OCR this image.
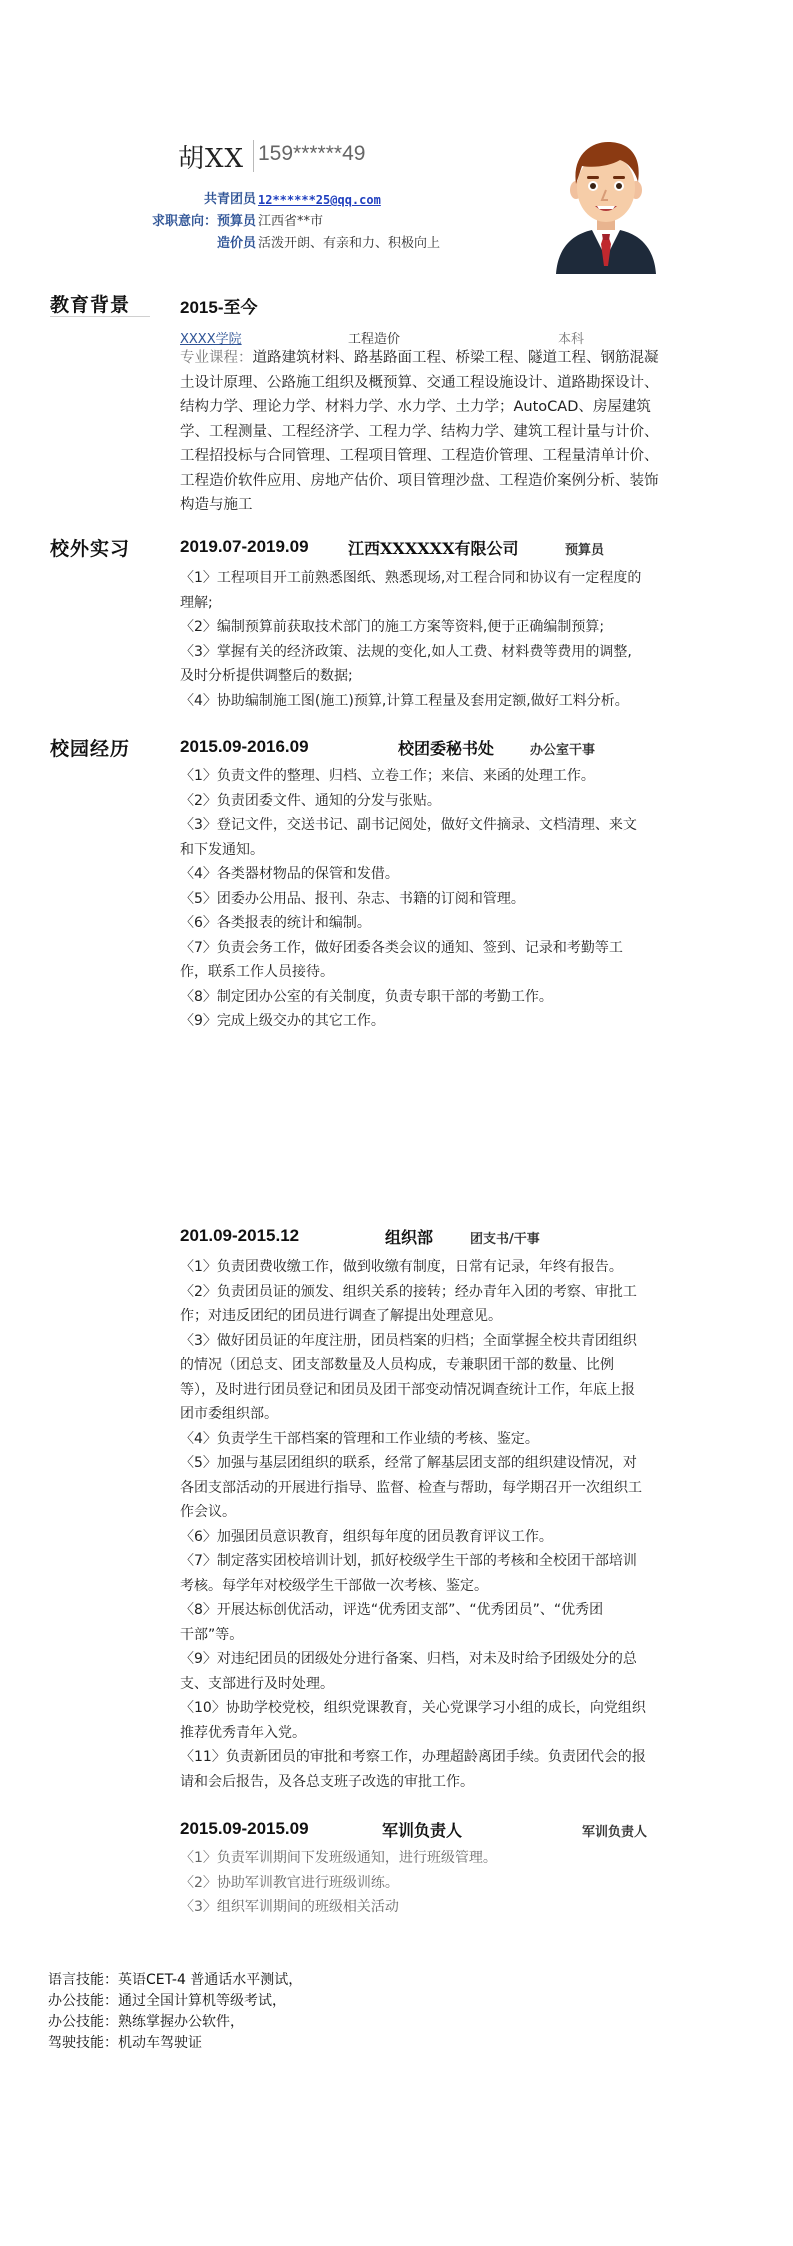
胡XX 159******49
共青团员 12******25@qq.com
求职意向：预算员 江西省**市
造价员 活泼开朗、有亲和力、积极向上
教育背景	2015-至今
XXXX学院	工程造价	本科
专业课程：道路建筑材料、路基路面工程、桥梁工程、隧道工程、钢筋混凝
土设计原理、公路施工组织及概预算、交通工程设施设计、道路勘探设计、
结构力学、理论力学、材料力学、水力学、土力学；AutoCAD、房屋建筑
学、工程测量、工程经济学、工程力学、结构力学、建筑工程计量与计价、
工程招投标与合同管理、工程项目管理、工程造价管理、工程量清单计价、
工程造价软件应用、房地产估价、项目管理沙盘、工程造价案例分析、装饰
构造与施工
校外实习	2019.07-2019.09 江西XXXXXX有限公司	预算员

〈1〉工程项目开工前熟悉图纸、熟悉现场,对工程合同和协议有一定程度的

理解;

〈2〉编制预算前获取技术部门的施工方案等资料,便于正确编制预算;

〈3〉掌握有关的经济政策、法规的变化,如人工费、材料费等费用的调整,

及时分析提供调整后的数据;

〈4〉协助编制施工图(施工)预算,计算工程量及套用定额,做好工料分析。

校园经历	2015.09-2016.09	校团委秘书处	办公室干事

〈1〉负责文件的整理、归档、立卷工作；来信、来函的处理工作。

〈2〉负责团委文件、通知的分发与张贴。

〈3〉登记文件，交送书记、副书记阅处，做好文件摘录、文档清理、来文

和下发通知。

〈4〉各类器材物品的保管和发借。

〈5〉团委办公用品、报刊、杂志、书籍的订阅和管理。

〈6〉各类报表的统计和编制。

〈7〉负责会务工作，做好团委各类会议的通知、签到、记录和考勤等工

作，联系工作人员接待。

〈8〉制定团办公室的有关制度，负责专职干部的考勤工作。

〈9〉完成上级交办的其它工作。

201.09-2015.12	组织部	团支书/干事

〈1〉负责团费收缴工作，做到收缴有制度，日常有记录，年终有报告。

〈2〉负责团员证的颁发、组织关系的接转；经办青年入团的考察、审批工

作；对违反团纪的团员进行调查了解提出处理意见。

〈3〉做好团员证的年度注册，团员档案的归档；全面掌握全校共青团组织

的情况（团总支、团支部数量及人员构成，专兼职团干部的数量、比例

等），及时进行团员登记和团员及团干部变动情况调查统计工作，年底上报

团市委组织部。

〈4〉负责学生干部档案的管理和工作业绩的考核、鉴定。

〈5〉加强与基层团组织的联系，经常了解基层团支部的组织建设情况，对

各团支部活动的开展进行指导、监督、检查与帮助，每学期召开一次组织工

作会议。

〈6〉加强团员意识教育，组织每年度的团员教育评议工作。

〈7〉制定落实团校培训计划，抓好校级学生干部的考核和全校团干部培训

考核。每学年对校级学生干部做一次考核、鉴定。

〈8〉开展达标创优活动，评选“优秀团支部”、“优秀团员”、“优秀团

干部”等。

〈9〉对违纪团员的团级处分进行备案、归档，对未及时给予团级处分的总

支、支部进行及时处理。

〈10〉协助学校党校，组织党课教育，关心党课学习小组的成长，向党组织

推荐优秀青年入党。

〈11〉负责新团员的审批和考察工作，办理超龄离团手续。负责团代会的报

请和会后报告，及各总支班子改选的审批工作。

2015.09-2015.09	军训负责人	军训负责人

〈1〉负责军训期间下发班级通知，进行班级管理。

〈2〉协助军训教官进行班级训练。

〈3〉组织军训期间的班级相关活动

语言技能：英语CET-4 普通话水平测试，
办公技能：通过全国计算机等级考试，
办公技能：熟练掌握办公软件，
驾驶技能：机动车驾驶证
